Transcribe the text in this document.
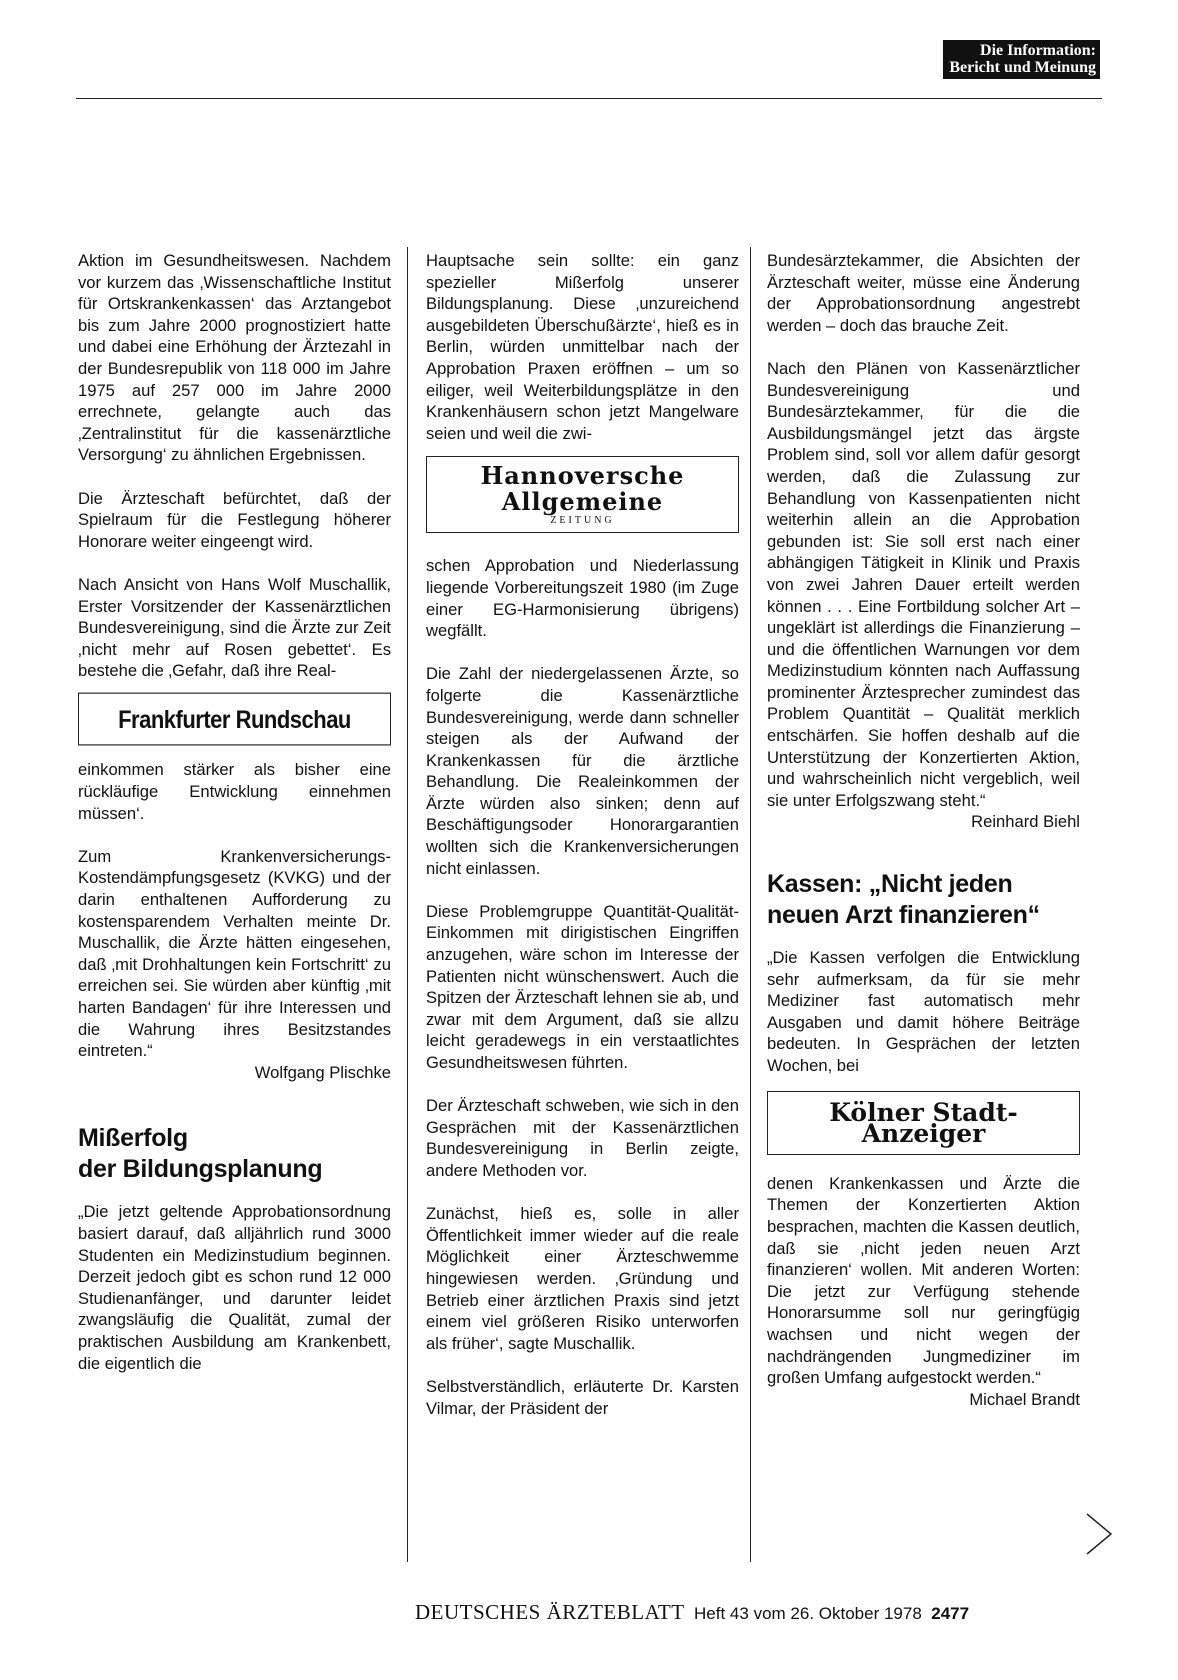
Die Information:
Bericht und Meinung

Aktion im Gesundheitswesen. Nachdem vor kurzem das ‚Wissenschaftliche Institut für Ortskrankenkassen‘ das Arztangebot bis zum Jahre 2000 prognostiziert hatte und dabei eine Erhöhung der Ärztezahl in der Bundesrepublik von 118 000 im Jahre 1975 auf 257 000 im Jahre 2000 errechnete, gelangte auch das ‚Zentralinstitut für die kassenärztliche Versorgung‘ zu ähnlichen Ergebnissen.

Die Ärzteschaft befürchtet, daß der Spielraum für die Festlegung höherer Honorare weiter eingeengt wird.

Nach Ansicht von Hans Wolf Muschallik, Erster Vorsitzender der Kassenärztlichen Bundesvereinigung, sind die Ärzte zur Zeit ‚nicht mehr auf Rosen gebettet‘. Es bestehe die ‚Gefahr, daß ihre Real-

Frankfurter Rundschau

einkommen stärker als bisher eine rückläufige Entwicklung einnehmen müssen‘.

Zum Krankenversicherungs-Kostendämpfungsgesetz (KVKG) und der darin enthaltenen Aufforderung zu kostensparendem Verhalten meinte Dr. Muschallik, die Ärzte hätten eingesehen, daß ‚mit Drohhaltungen kein Fortschritt‘ zu erreichen sei. Sie würden aber künftig ‚mit harten Bandagen‘ für ihre Interessen und die Wahrung ihres Besitzstandes eintreten.“

Wolfgang Plischke
Mißerfolg
der Bildungsplanung

„Die jetzt geltende Approbationsordnung basiert darauf, daß alljährlich rund 3000 Studenten ein Medizinstudium beginnen. Derzeit jedoch gibt es schon rund 12 000 Studienanfänger, und darunter leidet zwangsläufig die Qualität, zumal der praktischen Ausbildung am Krankenbett, die eigentlich die

Hauptsache sein sollte: ein ganz spezieller Mißerfolg unserer Bildungsplanung. Diese ‚unzureichend ausgebildeten Überschußärzte‘, hieß es in Berlin, würden unmittelbar nach der Approbation Praxen eröffnen – um so eiliger, weil Weiterbildungsplätze in den Krankenhäusern schon jetzt Mangelware seien und weil die zwi-

Hannoversche Allgemeine
ZEITUNG

schen Approbation und Niederlassung liegende Vorbereitungszeit 1980 (im Zuge einer EG-Harmonisierung übrigens) wegfällt.

Die Zahl der niedergelassenen Ärzte, so folgerte die Kassenärztliche Bundesvereinigung, werde dann schneller steigen als der Aufwand der Krankenkassen für die ärztliche Behandlung. Die Realeinkommen der Ärzte würden also sinken; denn auf Beschäftigungsoder Honorargarantien wollten sich die Krankenversicherungen nicht einlassen.

Diese Problemgruppe Quantität-Qualität-Einkommen mit dirigistischen Eingriffen anzugehen, wäre schon im Interesse der Patienten nicht wünschenswert. Auch die Spitzen der Ärzteschaft lehnen sie ab, und zwar mit dem Argument, daß sie allzu leicht geradewegs in ein verstaatlichtes Gesundheitswesen führten.

Der Ärzteschaft schweben, wie sich in den Gesprächen mit der Kassenärztlichen Bundesvereinigung in Berlin zeigte, andere Methoden vor.

Zunächst, hieß es, solle in aller Öffentlichkeit immer wieder auf die reale Möglichkeit einer Ärzteschwemme hingewiesen werden. ‚Gründung und Betrieb einer ärztlichen Praxis sind jetzt einem viel größeren Risiko unterworfen als früher‘, sagte Muschallik.

Selbstverständlich, erläuterte Dr. Karsten Vilmar, der Präsident der

Bundesärztekammer, die Absichten der Ärzteschaft weiter, müsse eine Änderung der Approbationsordnung angestrebt werden – doch das brauche Zeit.

Nach den Plänen von Kassenärztlicher Bundesvereinigung und Bundesärztekammer, für die die Ausbildungsmängel jetzt das ärgste Problem sind, soll vor allem dafür gesorgt werden, daß die Zulassung zur Behandlung von Kassenpatienten nicht weiterhin allein an die Approbation gebunden ist: Sie soll erst nach einer abhängigen Tätigkeit in Klinik und Praxis von zwei Jahren Dauer erteilt werden können . . . Eine Fortbildung solcher Art – ungeklärt ist allerdings die Finanzierung – und die öffentlichen Warnungen vor dem Medizinstudium könnten nach Auffassung prominenter Ärztesprecher zumindest das Problem Quantität – Qualität merklich entschärfen. Sie hoffen deshalb auf die Unterstützung der Konzertierten Aktion, und wahrscheinlich nicht vergeblich, weil sie unter Erfolgszwang steht.“

Reinhard Biehl
Kassen: „Nicht jeden
neuen Arzt finanzieren“

„Die Kassen verfolgen die Entwicklung sehr aufmerksam, da für sie mehr Mediziner fast automatisch mehr Ausgaben und damit höhere Beiträge bedeuten. In Gesprächen der letzten Wochen, bei

Kölner Stadt-Anzeiger

denen Krankenkassen und Ärzte die Themen der Konzertierten Aktion besprachen, machten die Kassen deutlich, daß sie ‚nicht jeden neuen Arzt finanzieren‘ wollen. Mit anderen Worten: Die jetzt zur Verfügung stehende Honorarsumme soll nur geringfügig wachsen und nicht wegen der nachdrängenden Jungmediziner im großen Umfang aufgestockt werden.“

Michael Brandt
DEUTSCHES ÄRZTEBLATT Heft 43 vom 26. Oktober 1978 2477
